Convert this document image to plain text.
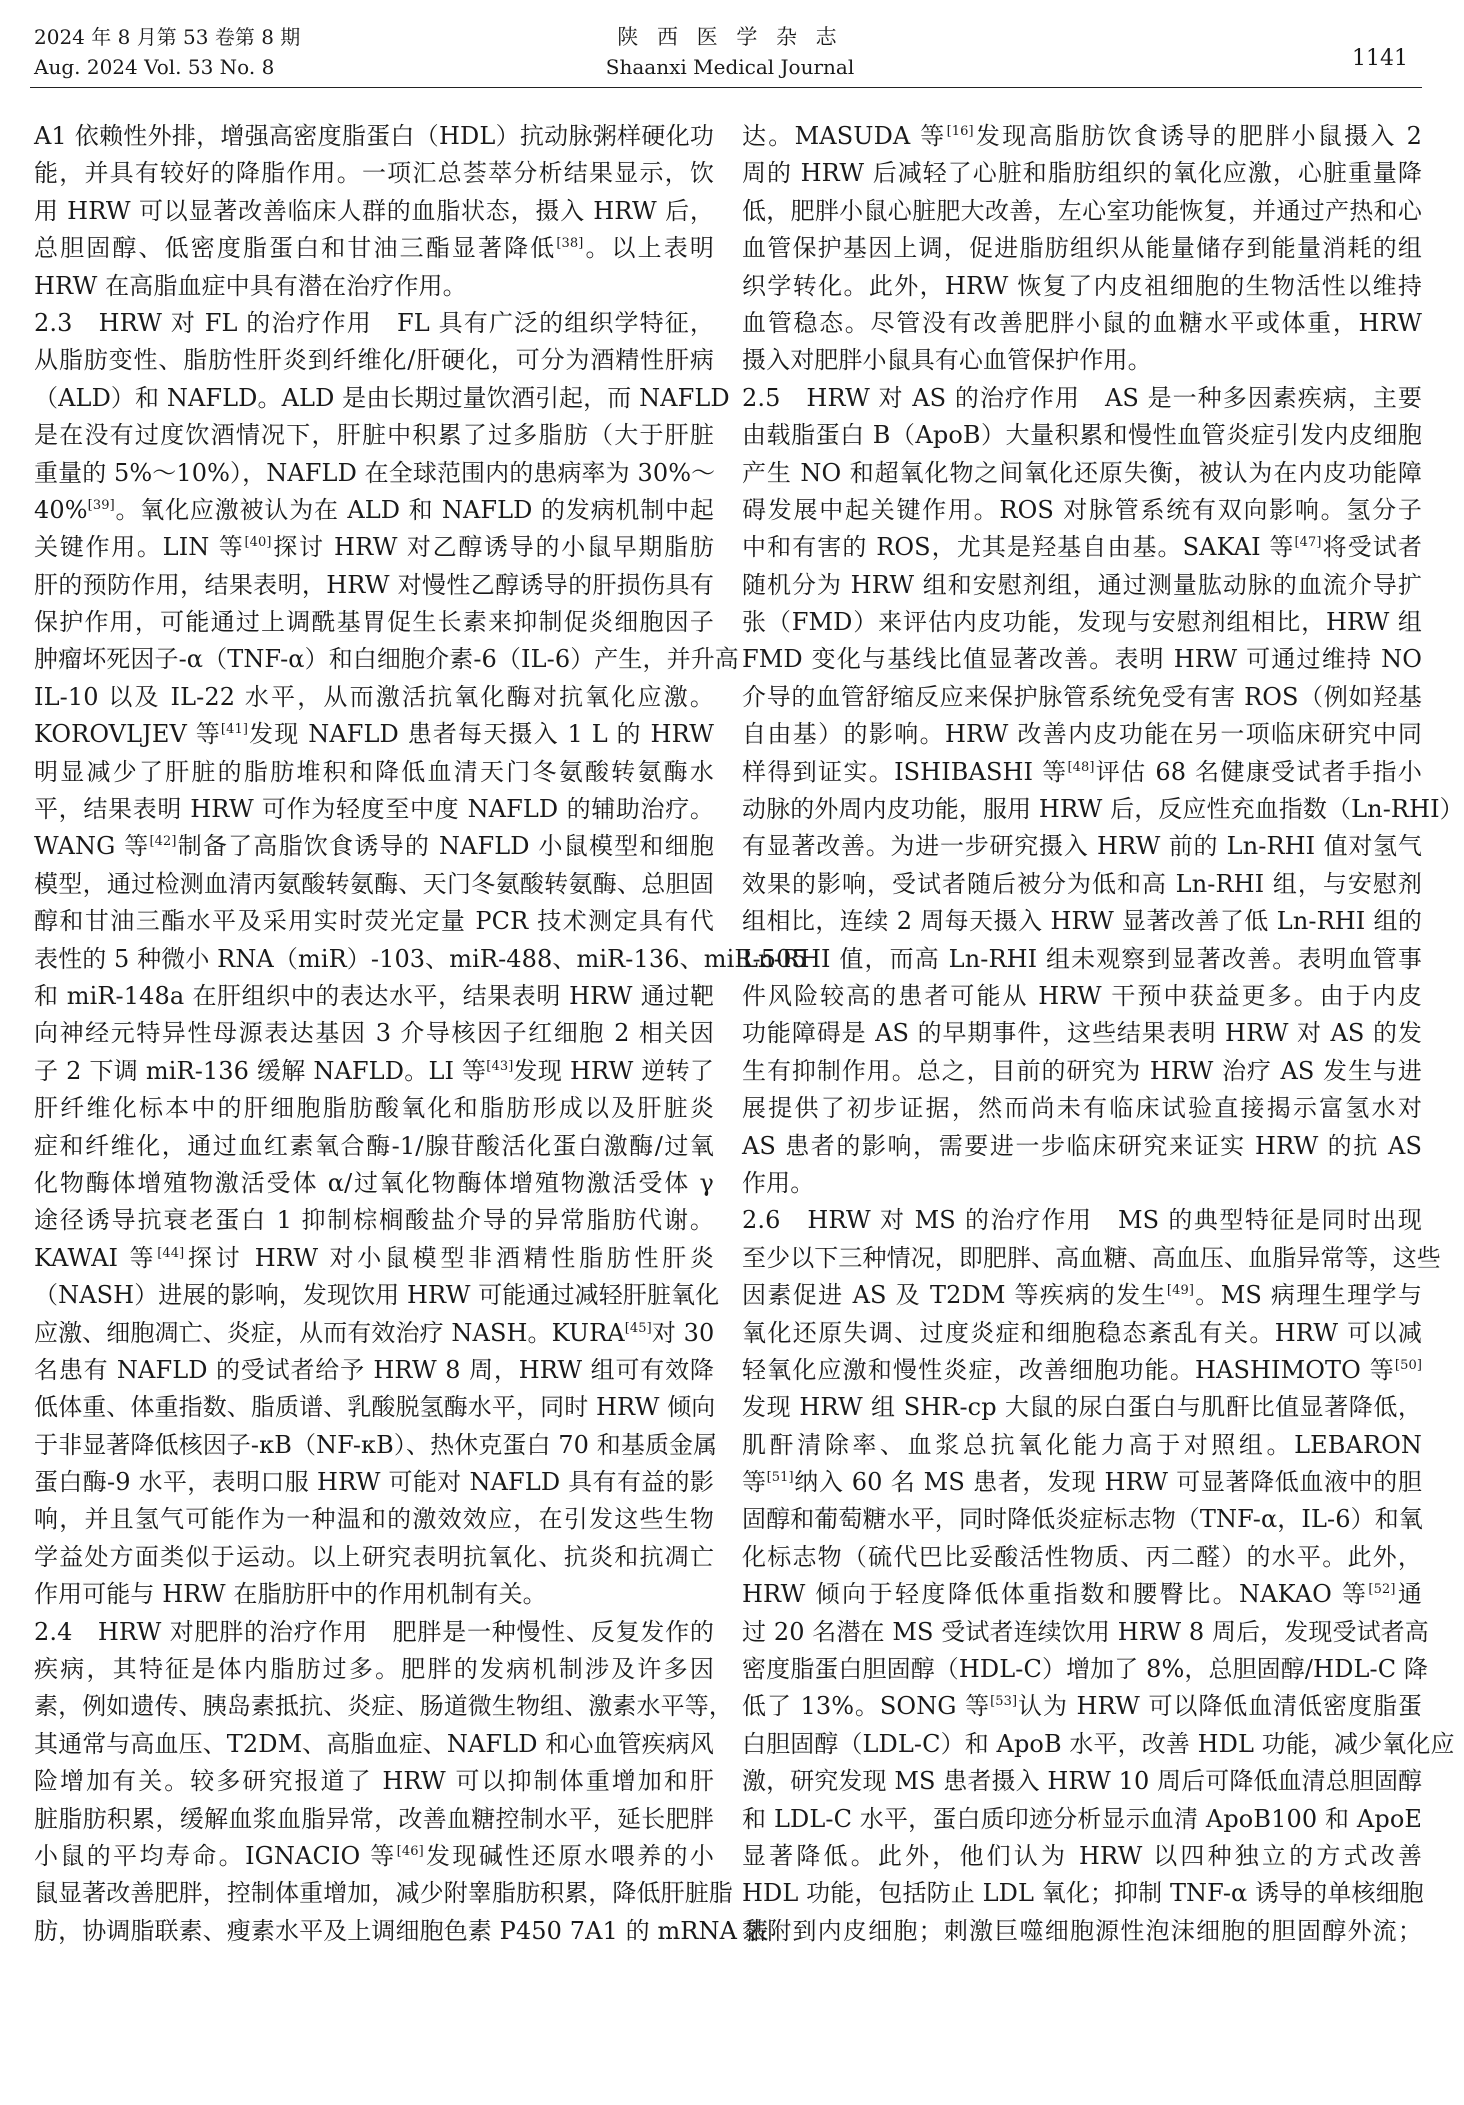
2024 年 8 月第 53 卷第 8 期
Aug. 2024 Vol. 53 No. 8
陕 西 医 学 杂 志
Shaanxi Medical Journal	1141
A1 依赖性外排，增强高密度脂蛋白（HDL）抗动脉粥样硬化功
能，并具有较好的降脂作用。一项汇总荟萃分析结果显示，饮
用 HRW 可以显著改善临床人群的血脂状态，摄入 HRW 后，
总胆固醇、低密度脂蛋白和甘油三酯显著降低[38]。以上表明
HRW 在高脂血症中具有潜在治疗作用。
2.3　HRW 对 FL 的治疗作用　FL 具有广泛的组织学特征，
从脂肪变性、脂肪性肝炎到纤维化/肝硬化，可分为酒精性肝病
（ALD）和 NAFLD。ALD 是由长期过量饮酒引起，而 NAFLD
是在没有过度饮酒情况下，肝脏中积累了过多脂肪（大于肝脏
重量的 5%～10%），NAFLD 在全球范围内的患病率为 30%～
40%[39]。氧化应激被认为在 ALD 和 NAFLD 的发病机制中起
关键作用。LIN 等[40]探讨 HRW 对乙醇诱导的小鼠早期脂肪
肝的预防作用，结果表明，HRW 对慢性乙醇诱导的肝损伤具有
保护作用，可能通过上调酰基胃促生长素来抑制促炎细胞因子
肿瘤坏死因子-α（TNF-α）和白细胞介素-6（IL-6）产生，并升高
IL-10 以及 IL-22 水平，从而激活抗氧化酶对抗氧化应激。
KOROVLJEV 等[41]发现 NAFLD 患者每天摄入 1 L 的 HRW
明显减少了肝脏的脂肪堆积和降低血清天门冬氨酸转氨酶水
平，结果表明 HRW 可作为轻度至中度 NAFLD 的辅助治疗。
WANG 等[42]制备了高脂饮食诱导的 NAFLD 小鼠模型和细胞
模型，通过检测血清丙氨酸转氨酶、天门冬氨酸转氨酶、总胆固
醇和甘油三酯水平及采用实时荧光定量 PCR 技术测定具有代
表性的 5 种微小 RNA（miR）-103、miR-488、miR-136、miR-505
和 miR-148a 在肝组织中的表达水平，结果表明 HRW 通过靶
向神经元特异性母源表达基因 3 介导核因子红细胞 2 相关因
子 2 下调 miR-136 缓解 NAFLD。LI 等[43]发现 HRW 逆转了
肝纤维化标本中的肝细胞脂肪酸氧化和脂肪形成以及肝脏炎
症和纤维化，通过血红素氧合酶-1/腺苷酸活化蛋白激酶/过氧
化物酶体增殖物激活受体 α/过氧化物酶体增殖物激活受体 γ
途径诱导抗衰老蛋白 1 抑制棕榈酸盐介导的异常脂肪代谢。
KAWAI 等[44]探讨 HRW 对小鼠模型非酒精性脂肪性肝炎
（NASH）进展的影响，发现饮用 HRW 可能通过减轻肝脏氧化
应激、细胞凋亡、炎症，从而有效治疗 NASH。KURA[45]对 30
名患有 NAFLD 的受试者给予 HRW 8 周，HRW 组可有效降
低体重、体重指数、脂质谱、乳酸脱氢酶水平，同时 HRW 倾向
于非显著降低核因子-κB（NF-κB）、热休克蛋白 70 和基质金属
蛋白酶-9 水平，表明口服 HRW 可能对 NAFLD 具有有益的影
响，并且氢气可能作为一种温和的激效效应，在引发这些生物
学益处方面类似于运动。以上研究表明抗氧化、抗炎和抗凋亡
作用可能与 HRW 在脂肪肝中的作用机制有关。
2.4　HRW 对肥胖的治疗作用　肥胖是一种慢性、反复发作的
疾病，其特征是体内脂肪过多。肥胖的发病机制涉及许多因
素，例如遗传、胰岛素抵抗、炎症、肠道微生物组、激素水平等，
其通常与高血压、T2DM、高脂血症、NAFLD 和心血管疾病风
险增加有关。较多研究报道了 HRW 可以抑制体重增加和肝
脏脂肪积累，缓解血浆血脂异常，改善血糖控制水平，延长肥胖
小鼠的平均寿命。IGNACIO 等[46]发现碱性还原水喂养的小
鼠显著改善肥胖，控制体重增加，减少附睾脂肪积累，降低肝脏脂
肪，协调脂联素、瘦素水平及上调细胞色素 P450 7A1 的 mRNA 表
达。MASUDA 等[16]发现高脂肪饮食诱导的肥胖小鼠摄入 2
周的 HRW 后减轻了心脏和脂肪组织的氧化应激，心脏重量降
低，肥胖小鼠心脏肥大改善，左心室功能恢复，并通过产热和心
血管保护基因上调，促进脂肪组织从能量储存到能量消耗的组
织学转化。此外，HRW 恢复了内皮祖细胞的生物活性以维持
血管稳态。尽管没有改善肥胖小鼠的血糖水平或体重，HRW
摄入对肥胖小鼠具有心血管保护作用。
2.5　HRW 对 AS 的治疗作用　AS 是一种多因素疾病，主要
由载脂蛋白 B（ApoB）大量积累和慢性血管炎症引发内皮细胞
产生 NO 和超氧化物之间氧化还原失衡，被认为在内皮功能障
碍发展中起关键作用。ROS 对脉管系统有双向影响。氢分子
中和有害的 ROS，尤其是羟基自由基。SAKAI 等[47]将受试者
随机分为 HRW 组和安慰剂组，通过测量肱动脉的血流介导扩
张（FMD）来评估内皮功能，发现与安慰剂组相比，HRW 组
FMD 变化与基线比值显著改善。表明 HRW 可通过维持 NO
介导的血管舒缩反应来保护脉管系统免受有害 ROS（例如羟基
自由基）的影响。HRW 改善内皮功能在另一项临床研究中同
样得到证实。ISHIBASHI 等[48]评估 68 名健康受试者手指小
动脉的外周内皮功能，服用 HRW 后，反应性充血指数（Ln-RHI）
有显著改善。为进一步研究摄入 HRW 前的 Ln-RHI 值对氢气
效果的影响，受试者随后被分为低和高 Ln-RHI 组，与安慰剂
组相比，连续 2 周每天摄入 HRW 显著改善了低 Ln-RHI 组的
Ln-RHI 值，而高 Ln-RHI 组未观察到显著改善。表明血管事
件风险较高的患者可能从 HRW 干预中获益更多。由于内皮
功能障碍是 AS 的早期事件，这些结果表明 HRW 对 AS 的发
生有抑制作用。总之，目前的研究为 HRW 治疗 AS 发生与进
展提供了初步证据，然而尚未有临床试验直接揭示富氢水对
AS 患者的影响，需要进一步临床研究来证实 HRW 的抗 AS
作用。
2.6　HRW 对 MS 的治疗作用　MS 的典型特征是同时出现
至少以下三种情况，即肥胖、高血糖、高血压、血脂异常等，这些
因素促进 AS 及 T2DM 等疾病的发生[49]。MS 病理生理学与
氧化还原失调、过度炎症和细胞稳态紊乱有关。HRW 可以减
轻氧化应激和慢性炎症，改善细胞功能。HASHIMOTO 等[50]
发现 HRW 组 SHR-cp 大鼠的尿白蛋白与肌酐比值显著降低，
肌酐清除率、血浆总抗氧化能力高于对照组。LEBARON
等[51]纳入 60 名 MS 患者，发现 HRW 可显著降低血液中的胆
固醇和葡萄糖水平，同时降低炎症标志物（TNF-α，IL-6）和氧
化标志物（硫代巴比妥酸活性物质、丙二醛）的水平。此外，
HRW 倾向于轻度降低体重指数和腰臀比。NAKAO 等[52]通
过 20 名潜在 MS 受试者连续饮用 HRW 8 周后，发现受试者高
密度脂蛋白胆固醇（HDL-C）增加了 8%，总胆固醇/HDL-C 降
低了 13%。SONG 等[53]认为 HRW 可以降低血清低密度脂蛋
白胆固醇（LDL-C）和 ApoB 水平，改善 HDL 功能，减少氧化应
激，研究发现 MS 患者摄入 HRW 10 周后可降低血清总胆固醇
和 LDL-C 水平，蛋白质印迹分析显示血清 ApoB100 和 ApoE
显著降低。此外，他们认为 HRW 以四种独立的方式改善
HDL 功能，包括防止 LDL 氧化；抑制 TNF-α 诱导的单核细胞
黏附到内皮细胞；刺激巨噬细胞源性泡沫细胞的胆固醇外流；
